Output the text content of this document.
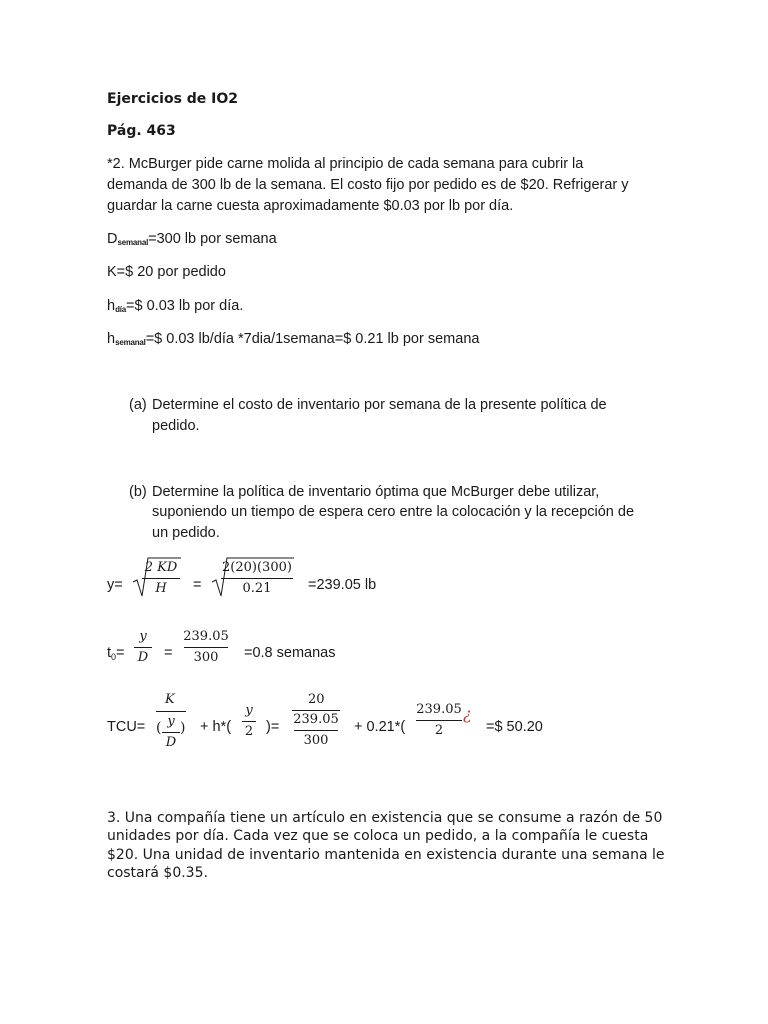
Ejercicios de IO2
Pág. 463
*2. McBurger pide carne molida al principio de cada semana para cubrir la
demanda de 300 lb de la semana. El costo fijo por pedido es de $20. Refrigerar y
guardar la carne cuesta aproximadamente $0.03 por lb por día.
$D_{semanal}=300$ lb por semana
K=$ 20 por pedido
$h_{día}=\$$ 0.03 lb por día.
$h_{semanal}=\$$ 0.03 lb/día *7dia/1semana=$ 0.21 lb por semana
(a) Determine el costo de inventario por semana de la presente política de
pedido.
(b) Determine la política de inventario óptima que McBurger debe utilizar,
suponiendo un tiempo de espera cero entre la colocación y la recepción de
un pedido.
y=
2 KD
H =
2(20)(300)
0.21	=239.05 lb
$t_0=$
y
D =
239.05
300 =0.8 semanas
TCU=
K
( y
D
) + h*(
y
2 )=
20
239.05
300
+ 0.21*(
239.05
2
¿
=$ 50.20
3. Una compañía tiene un artículo en existencia que se consume a razón de 50
unidades por día. Cada vez que se coloca un pedido, a la compañía le cuesta
$20. Una unidad de inventario mantenida en existencia durante una semana le
costará $0.35.
